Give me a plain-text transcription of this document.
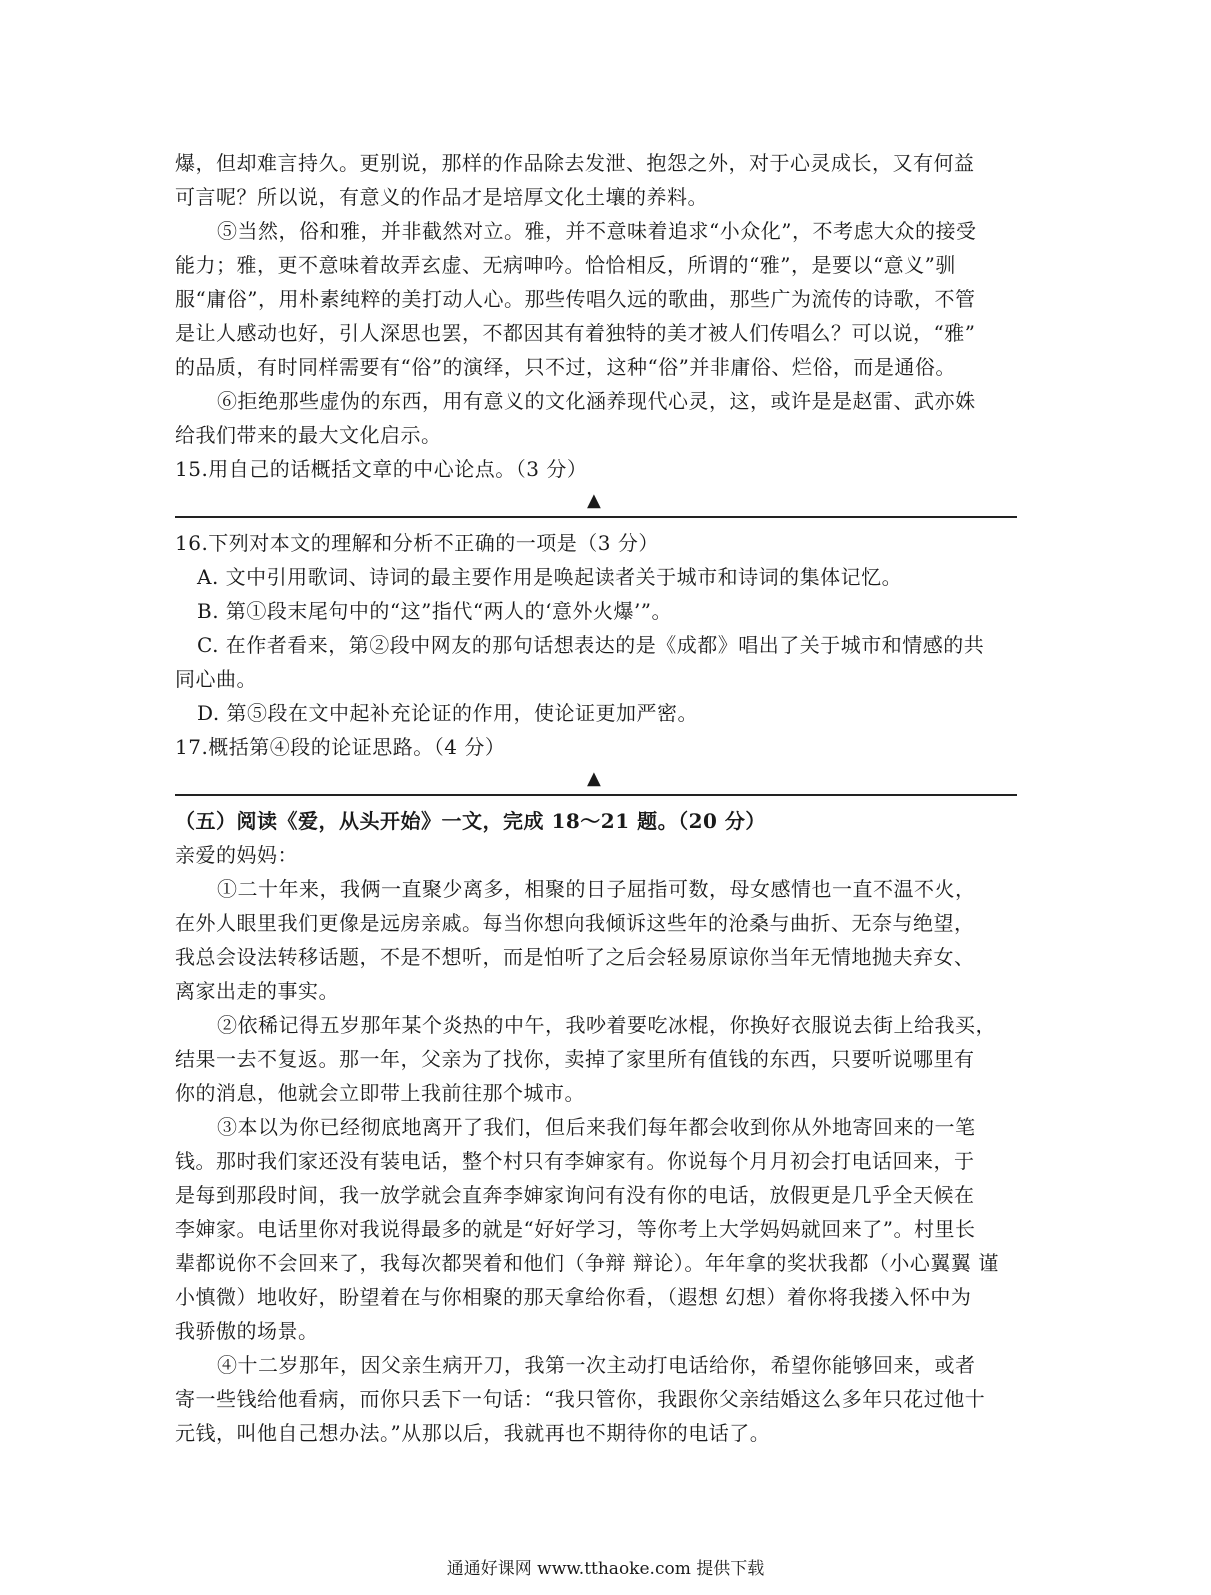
爆，但却难言持久。更别说，那样的作品除去发泄、抱怨之外，对于心灵成长，又有何益
可言呢？所以说，有意义的作品才是培厚文化土壤的养料。
⑤当然，俗和雅，并非截然对立。雅，并不意味着追求“小众化”，不考虑大众的接受
能力；雅，更不意味着故弄玄虚、无病呻吟。恰恰相反，所谓的“雅”，是要以“意义”驯
服“庸俗”，用朴素纯粹的美打动人心。那些传唱久远的歌曲，那些广为流传的诗歌，不管
是让人感动也好，引人深思也罢，不都因其有着独特的美才被人们传唱么？可以说，“雅”
的品质，有时同样需要有“俗”的演绎，只不过，这种“俗”并非庸俗、烂俗，而是通俗。
⑥拒绝那些虚伪的东西，用有意义的文化涵养现代心灵，这，或许是是赵雷、武亦姝
给我们带来的最大文化启示。
15.用自己的话概括文章的中心论点。（3 分）
▲
16.下列对本文的理解和分析不正确的一项是（3 分）
A. 文中引用歌词、诗词的最主要作用是唤起读者关于城市和诗词的集体记忆。
B. 第①段末尾句中的“这”指代“两人的‘意外火爆’”。
C. 在作者看来，第②段中网友的那句话想表达的是《成都》唱出了关于城市和情感的共
同心曲。
D. 第⑤段在文中起补充论证的作用，使论证更加严密。
17.概括第④段的论证思路。（4 分）
▲
（五）阅读《爱，从头开始》一文，完成 18～21 题。（20 分）
亲爱的妈妈：
①二十年来，我俩一直聚少离多，相聚的日子屈指可数，母女感情也一直不温不火，
在外人眼里我们更像是远房亲戚。每当你想向我倾诉这些年的沧桑与曲折、无奈与绝望，
我总会设法转移话题，不是不想听，而是怕听了之后会轻易原谅你当年无情地抛夫弃女、
离家出走的事实。
②依稀记得五岁那年某个炎热的中午，我吵着要吃冰棍，你换好衣服说去街上给我买，
结果一去不复返。那一年，父亲为了找你，卖掉了家里所有值钱的东西，只要听说哪里有
你的消息，他就会立即带上我前往那个城市。
③本以为你已经彻底地离开了我们，但后来我们每年都会收到你从外地寄回来的一笔
钱。那时我们家还没有装电话，整个村只有李婶家有。你说每个月月初会打电话回来，于
是每到那段时间，我一放学就会直奔李婶家询问有没有你的电话，放假更是几乎全天候在
李婶家。电话里你对我说得最多的就是“好好学习，等你考上大学妈妈就回来了”。村里长
辈都说你不会回来了，我每次都哭着和他们（争辩 辩论）。年年拿的奖状我都（小心翼翼 谨
小慎微）地收好，盼望着在与你相聚的那天拿给你看，（遐想 幻想）着你将我搂入怀中为
我骄傲的场景。
④十二岁那年，因父亲生病开刀，我第一次主动打电话给你，希望你能够回来，或者
寄一些钱给他看病，而你只丢下一句话：“我只管你，我跟你父亲结婚这么多年只花过他十
元钱，叫他自己想办法。”从那以后，我就再也不期待你的电话了。
通通好课网 www.tthaoke.com 提供下载
